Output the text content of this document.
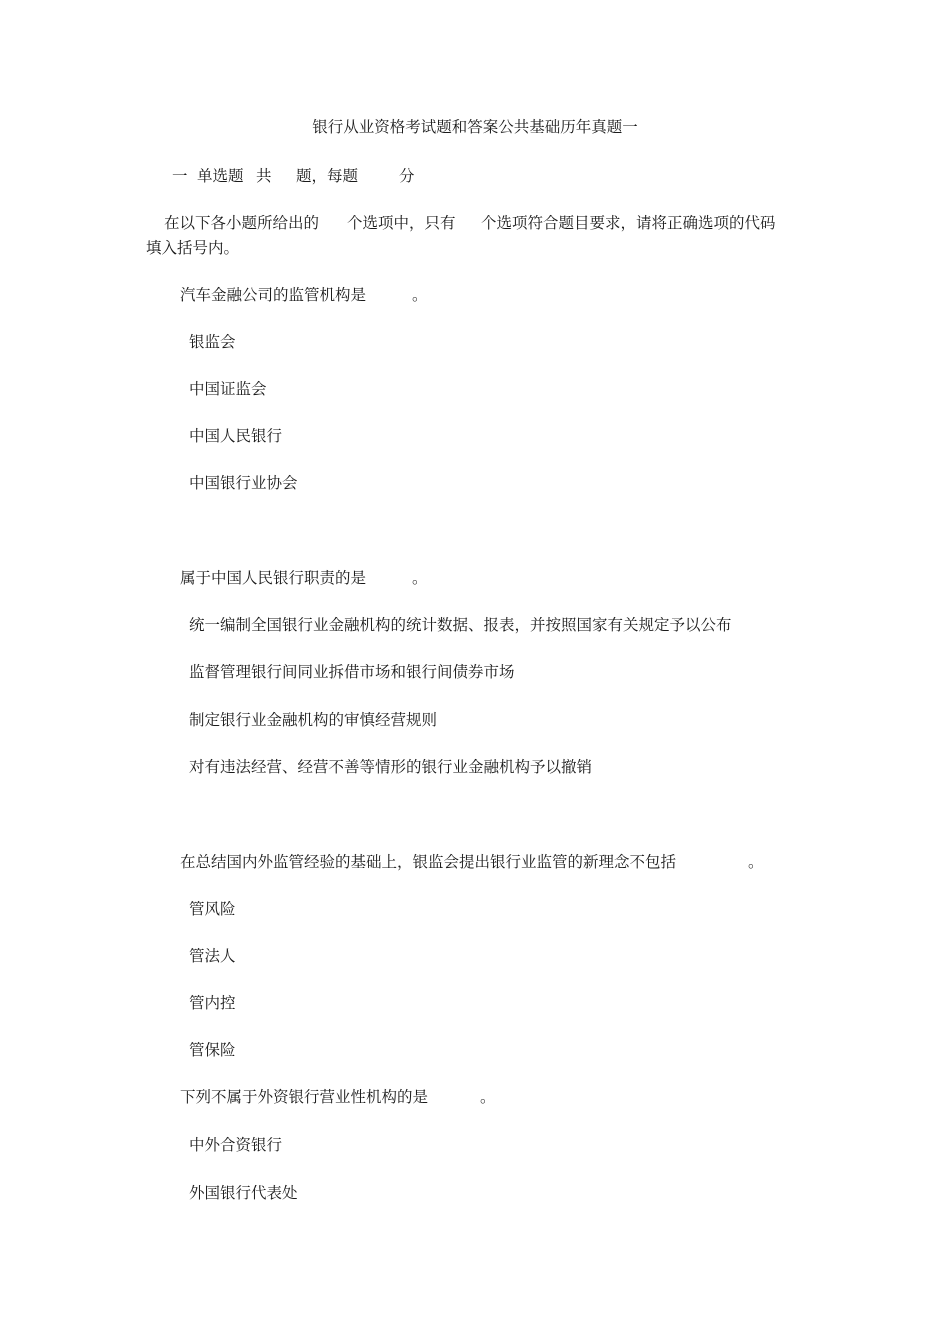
银行从业资格考试题和答案公共基础历年真题一
一 单选题 共 题，每题	分
在以下各小题所给出的 个选项中，只有 个选项符合题目要求，请将正确选项的代码
填入括号内。
汽车金融公司的监管机构是	。
银监会
中国证监会
中国人民银行
中国银行业协会
属于中国人民银行职责的是	。
统一编制全国银行业金融机构的统计数据、报表，并按照国家有关规定予以公布
监督管理银行间同业拆借市场和银行间债券市场
制定银行业金融机构的审慎经营规则
对有违法经营、经营不善等情形的银行业金融机构予以撤销
在总结国内外监管经验的基础上，银监会提出银行业监管的新理念不包括	。
管风险
管法人
管内控
管保险
下列不属于外资银行营业性机构的是	。
中外合资银行
外国银行代表处
